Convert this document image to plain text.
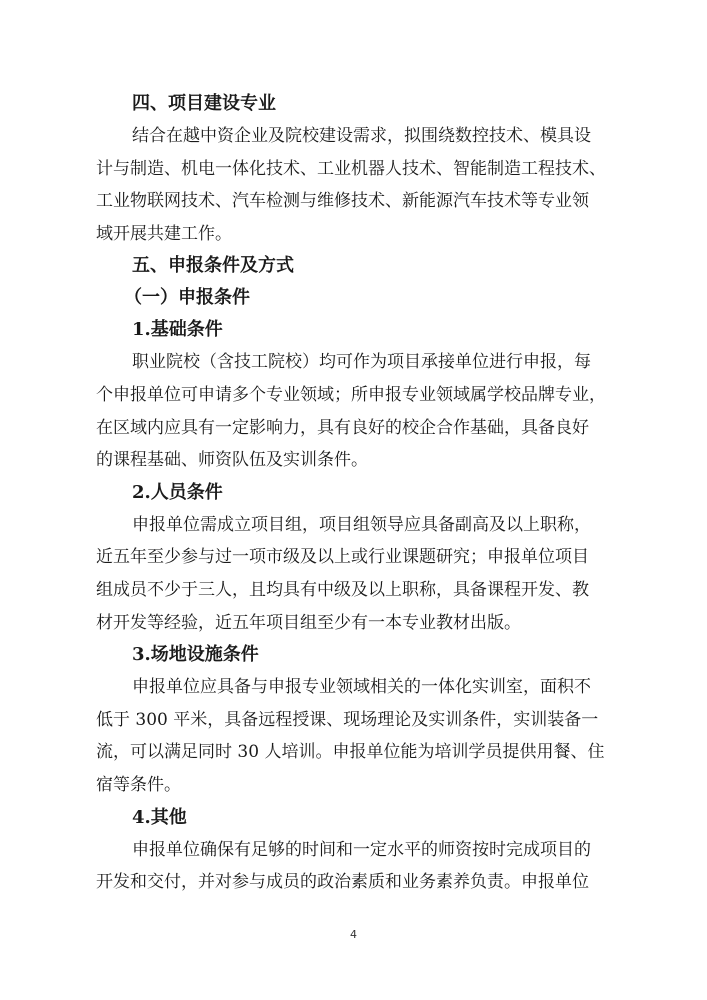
四、项目建设专业

结合在越中资企业及院校建设需求，拟围绕数控技术、模具设
计与制造、机电一体化技术、工业机器人技术、智能制造工程技术、
工业物联网技术、汽车检测与维修技术、新能源汽车技术等专业领
域开展共建工作。

五、申报条件及方式
（一）申报条件
1.基础条件

职业院校（含技工院校）均可作为项目承接单位进行申报，每
个申报单位可申请多个专业领域；所申报专业领域属学校品牌专业，
在区域内应具有一定影响力，具有良好的校企合作基础，具备良好
的课程基础、师资队伍及实训条件。

2.人员条件

申报单位需成立项目组，项目组领导应具备副高及以上职称，
近五年至少参与过一项市级及以上或行业课题研究；申报单位项目
组成员不少于三人，且均具有中级及以上职称，具备课程开发、教
材开发等经验，近五年项目组至少有一本专业教材出版。

3.场地设施条件

申报单位应具备与申报专业领域相关的一体化实训室，面积不
低于 300 平米，具备远程授课、现场理论及实训条件，实训装备一
流，可以满足同时 30 人培训。申报单位能为培训学员提供用餐、住
宿等条件。

4.其他

申报单位确保有足够的时间和一定水平的师资按时完成项目的
开发和交付，并对参与成员的政治素质和业务素养负责。申报单位

4
